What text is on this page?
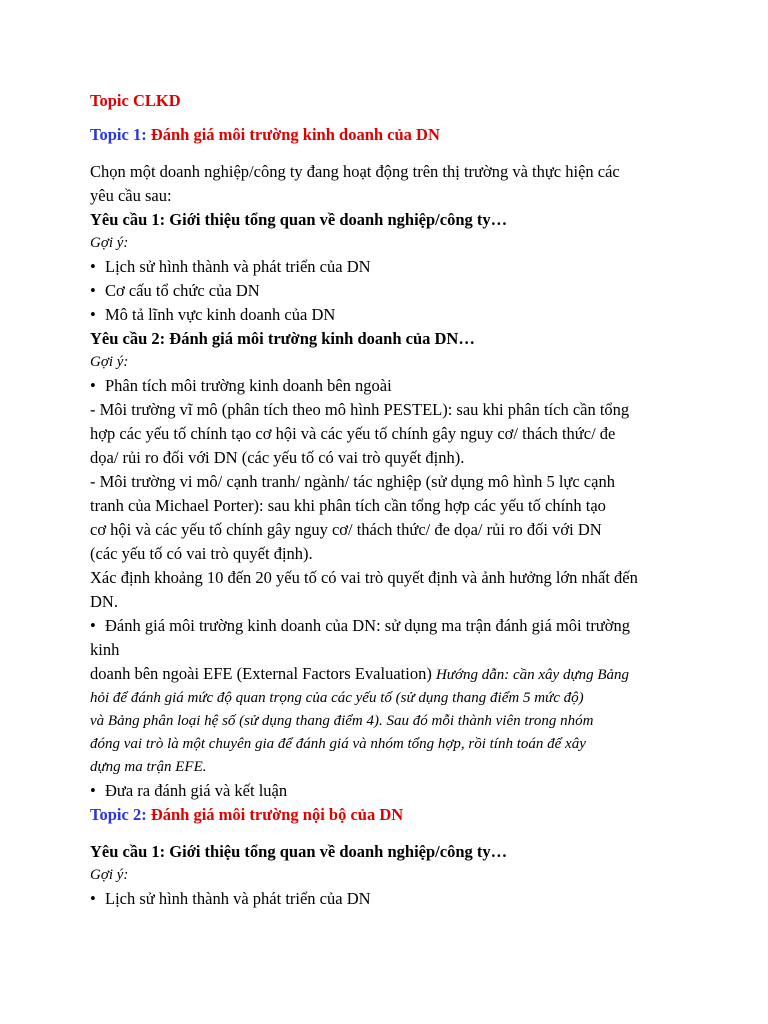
Topic CLKD
Topic 1: Đánh giá môi trường kinh doanh của DN
Chọn một doanh nghiệp/công ty đang hoạt động trên thị trường và thực hiện các
yêu cầu sau:
Yêu cầu 1: Giới thiệu tổng quan về doanh nghiệp/công ty…
Gợi ý:
• Lịch sử hình thành và phát triển của DN
• Cơ cấu tổ chức của DN
• Mô tả lĩnh vực kinh doanh của DN
Yêu cầu 2: Đánh giá môi trường kinh doanh của DN…
Gợi ý:
• Phân tích môi trường kinh doanh bên ngoài
- Môi trường vĩ mô (phân tích theo mô hình PESTEL): sau khi phân tích cần tổng
hợp các yếu tố chính tạo cơ hội và các yếu tố chính gây nguy cơ/ thách thức/ đe
dọa/ rủi ro đối với DN (các yếu tố có vai trò quyết định).
- Môi trường vi mô/ cạnh tranh/ ngành/ tác nghiệp (sử dụng mô hình 5 lực cạnh
tranh của Michael Porter): sau khi phân tích cần tổng hợp các yếu tố chính tạo
cơ hội và các yếu tố chính gây nguy cơ/ thách thức/ đe dọa/ rủi ro đối với DN
(các yếu tố có vai trò quyết định).
Xác định khoảng 10 đến 20 yếu tố có vai trò quyết định và ảnh hưởng lớn nhất đến
DN.
• Đánh giá môi trường kinh doanh của DN: sử dụng ma trận đánh giá môi trường
kinh
doanh bên ngoài EFE (External Factors Evaluation) Hướng dẫn: cần xây dựng Bảng
hỏi để đánh giá mức độ quan trọng của các yếu tố (sử dụng thang điểm 5 mức độ)
và Bảng phân loại hệ số (sử dụng thang điểm 4). Sau đó mỗi thành viên trong nhóm
đóng vai trò là một chuyên gia để đánh giá và nhóm tổng hợp, rồi tính toán để xây
dựng ma trận EFE.
• Đưa ra đánh giá và kết luận
Topic 2: Đánh giá môi trường nội bộ của DN
Yêu cầu 1: Giới thiệu tổng quan về doanh nghiệp/công ty…
Gợi ý:
• Lịch sử hình thành và phát triển của DN
